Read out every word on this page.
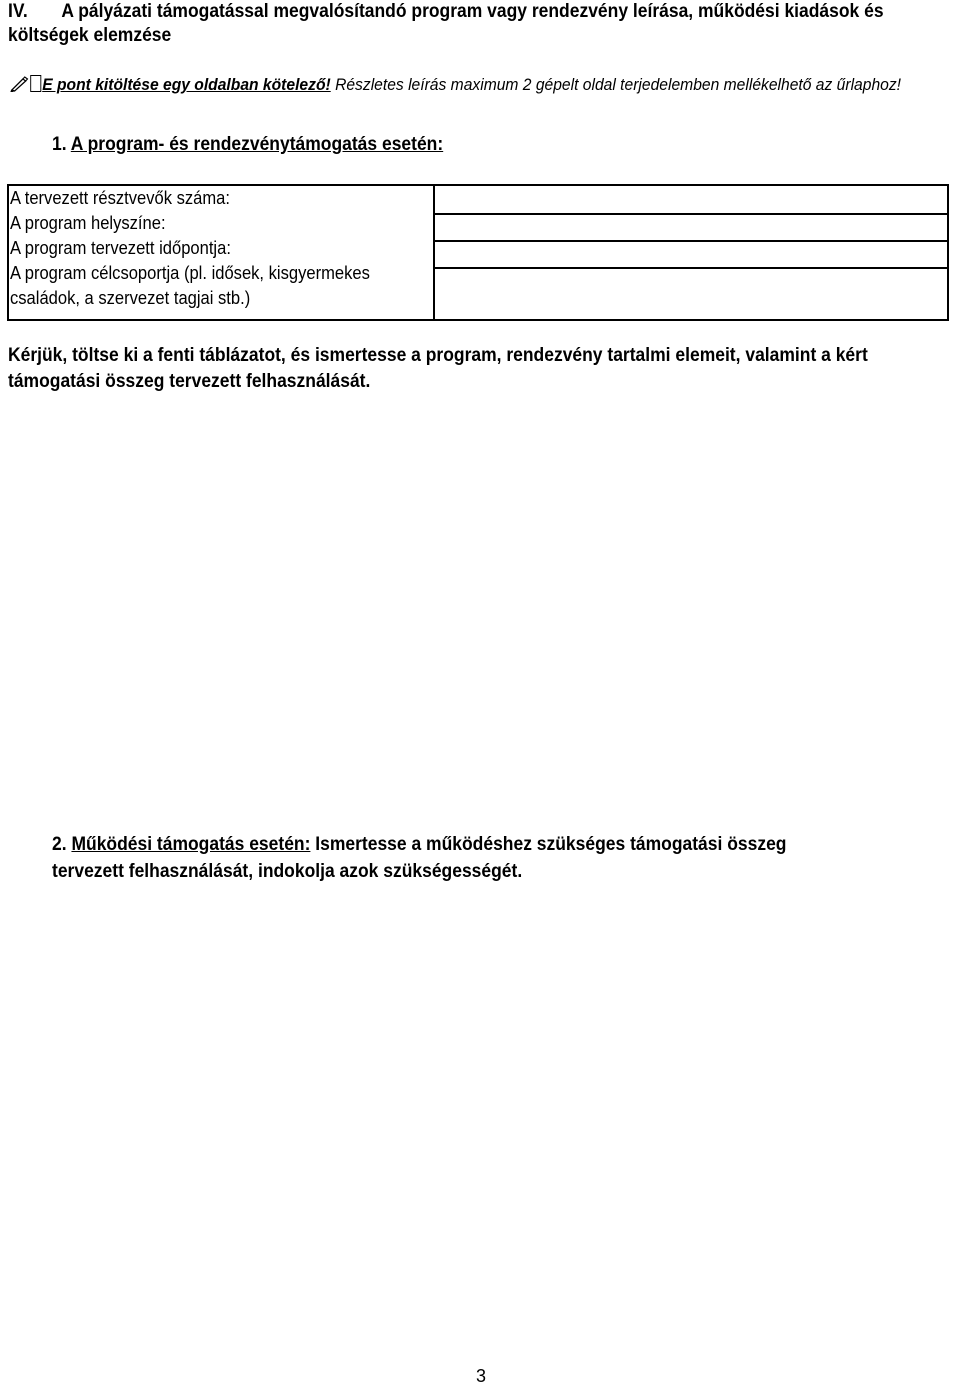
IV. A pályázati támogatással megvalósítandó program vagy rendezvény leírása, működési kiadások és költségek elemzése
E pont kitöltése egy oldalban kötelező! Részletes leírás maximum 2 gépelt oldal terjedelemben mellékelhető az űrlaphoz!
1. A program- és rendezvénytámogatás esetén:
A tervezett résztvevők száma:
A program helyszíne:
A program tervezett időpontja:
A program célcsoportja (pl. idősek, kisgyermekes
családok, a szervezet tagjai stb.)

Kérjük, töltse ki a fenti táblázatot, és ismertesse a program, rendezvény tartalmi elemeit, valamint a kért támogatási összeg tervezett felhasználását.
2. Működési támogatás esetén: Ismertesse a működéshez szükséges támogatási összeg tervezett felhasználását, indokolja azok szükségességét.
3
